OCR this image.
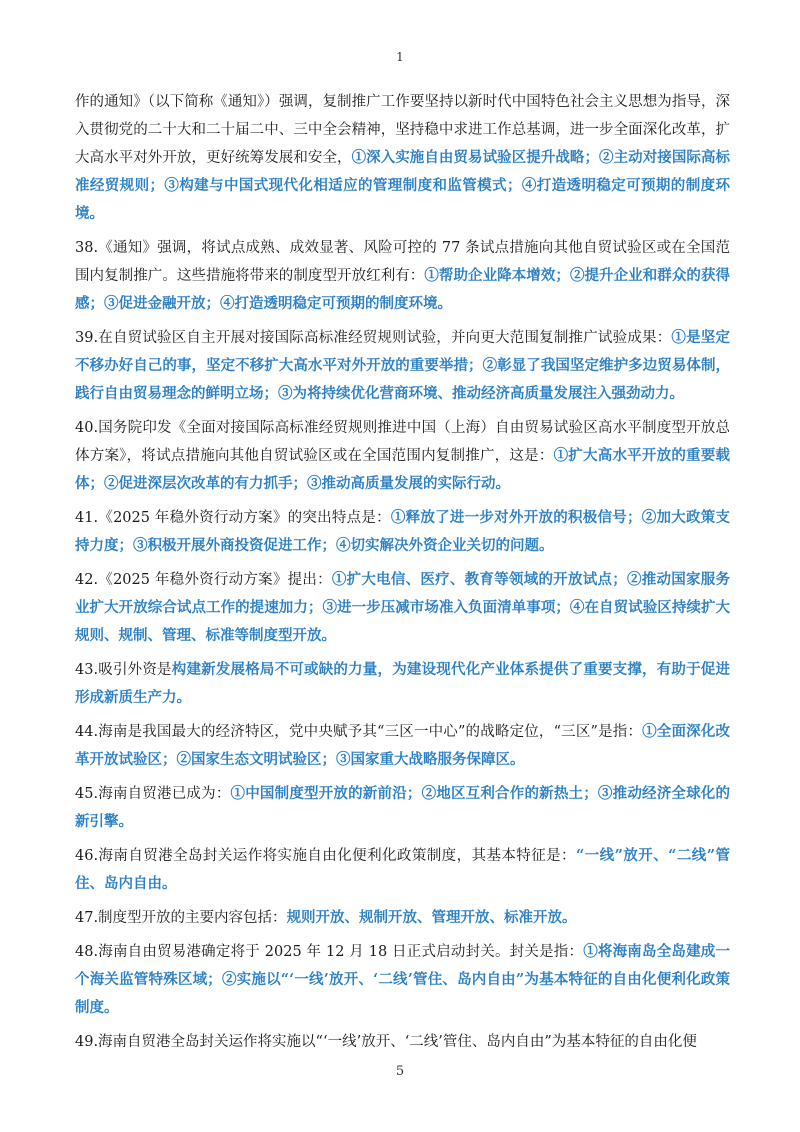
1

作的通知》（以下简称《通知》）强调，复制推广工作要坚持以新时代中国特色社会主义思想为指导，深入贯彻党的二十大和二十届二中、三中全会精神，坚持稳中求进工作总基调，进一步全面深化改革，扩大高水平对外开放，更好统筹发展和安全，①深入实施自由贸易试验区提升战略；②主动对接国际高标准经贸规则；③构建与中国式现代化相适应的管理制度和监管模式；④打造透明稳定可预期的制度环境。

38.《通知》强调，将试点成熟、成效显著、风险可控的 77 条试点措施向其他自贸试验区或在全国范围内复制推广。这些措施将带来的制度型开放红利有：①帮助企业降本增效；②提升企业和群众的获得感；③促进金融开放；④打造透明稳定可预期的制度环境。

39.在自贸试验区自主开展对接国际高标准经贸规则试验，并向更大范围复制推广试验成果：①是坚定不移办好自己的事，坚定不移扩大高水平对外开放的重要举措；②彰显了我国坚定维护多边贸易体制，践行自由贸易理念的鲜明立场；③为将持续优化营商环境、推动经济高质量发展注入强劲动力。

40.国务院印发《全面对接国际高标准经贸规则推进中国（上海）自由贸易试验区高水平制度型开放总体方案》，将试点措施向其他自贸试验区或在全国范围内复制推广，这是：①扩大高水平开放的重要载体；②促进深层次改革的有力抓手；③推动高质量发展的实际行动。

41.《2025 年稳外资行动方案》的突出特点是：①释放了进一步对外开放的积极信号；②加大政策支持力度；③积极开展外商投资促进工作；④切实解决外资企业关切的问题。

42.《2025 年稳外资行动方案》提出：①扩大电信、医疗、教育等领域的开放试点；②推动国家服务业扩大开放综合试点工作的提速加力；③进一步压减市场准入负面清单事项；④在自贸试验区持续扩大规则、规制、管理、标准等制度型开放。

43.吸引外资是构建新发展格局不可或缺的力量，为建设现代化产业体系提供了重要支撑，有助于促进形成新质生产力。

44.海南是我国最大的经济特区，党中央赋予其“三区一中心”的战略定位，“三区”是指：①全面深化改革开放试验区；②国家生态文明试验区；③国家重大战略服务保障区。

45.海南自贸港已成为：①中国制度型开放的新前沿；②地区互利合作的新热土；③推动经济全球化的新引擎。

46.海南自贸港全岛封关运作将实施自由化便利化政策制度，其基本特征是：“一线”放开、“二线”管住、岛内自由。

47.制度型开放的主要内容包括：规则开放、规制开放、管理开放、标准开放。

48.海南自由贸易港确定将于 2025 年 12 月 18 日正式启动封关。封关是指：①将海南岛全岛建成一个海关监管特殊区域；②实施以“‘一线’放开、‘二线’管住、岛内自由”为基本特征的自由化便利化政策制度。

49.海南自贸港全岛封关运作将实施以“‘一线’放开、‘二线’管住、岛内自由”为基本特征的自由化便

5
